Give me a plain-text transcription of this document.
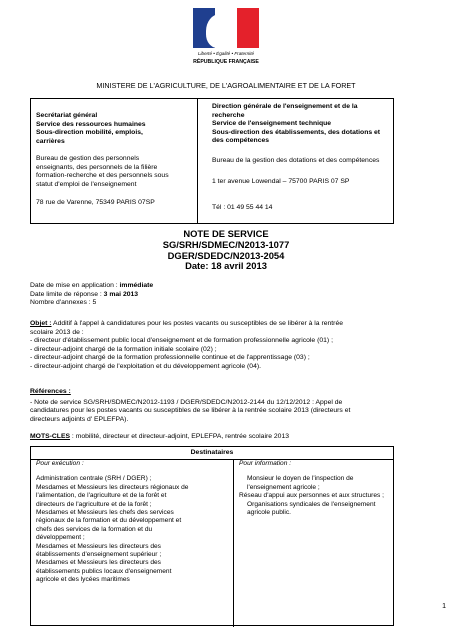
Liberté • Égalité • Fraternité
RÉPUBLIQUE FRANÇAISE
MINISTERE DE L'AGRICULTURE, DE L'AGROALIMENTAIRE ET DE LA FORET
Secrétariat général
Service des ressources humaines
Sous-direction mobilité, emplois,
carrières
Bureau de gestion des personnels
enseignants, des personnels de la filière
formation-recherche et des personnels sous
statut d'emploi de l'enseignement
78 rue de Varenne, 75349 PARIS 07SP
Direction générale de l'enseignement et de la
recherche
Service de l'enseignement technique
Sous-direction des établissements, des dotations et
des compétences
Bureau de la gestion des dotations et des compétences
1 ter avenue Lowendal – 75700 PARIS 07 SP
Tél : 01 49 55 44 14
NOTE DE SERVICE
SG/SRH/SDMEC/N2013-1077
DGER/SDEDC/N2013-2054
Date: 18 avril 2013
Date de mise en application : immédiate
Date limite de réponse : 3 mai 2013
Nombre d'annexes : 5
Objet : Additif à l'appel à candidatures pour les postes vacants ou susceptibles de se libérer à la rentrée
scolaire 2013 de :
- directeur d'établissement public local d'enseignement et de formation professionnelle agricole (01) ;
- directeur-adjoint chargé de la formation initiale scolaire (02) ;
- directeur-adjoint chargé de la formation professionnelle continue et de l'apprentissage (03) ;
- directeur-adjoint chargé de l'exploitation et du développement agricole (04).
Références :
- Note de service SG/SRH/SDMEC/N2012-1193 / DGER/SDEDC/N2012-2144 du 12/12/2012 : Appel de
candidatures pour les postes vacants ou susceptibles de se libérer à la rentrée scolaire 2013 (directeurs et
directeurs adjoints d' EPLEFPA).
MOTS-CLES : mobilité, directeur et directeur-adjoint, EPLEFPA, rentrée scolaire 2013
Destinataires
Pour exécution :
Administration centrale (SRH / DGER) ;
Mesdames et Messieurs les directeurs régionaux de
l'alimentation, de l'agriculture et de la forêt et
directeurs de l'agriculture et de la forêt ;
Mesdames et Messieurs les chefs des services
régionaux de la formation et du développement et
chefs des services de la formation et du
développement ;
Mesdames et Messieurs les directeurs des
établissements d'enseignement supérieur ;
Mesdames et Messieurs les directeurs des
établissements publics locaux d'enseignement
agricole et des lycées maritimes
Pour information :
Monsieur le doyen de l'inspection de
l'enseignement agricole ;
Réseau d'appui aux personnes et aux structures ;
Organisations syndicales de l'enseignement
agricole public.
1
